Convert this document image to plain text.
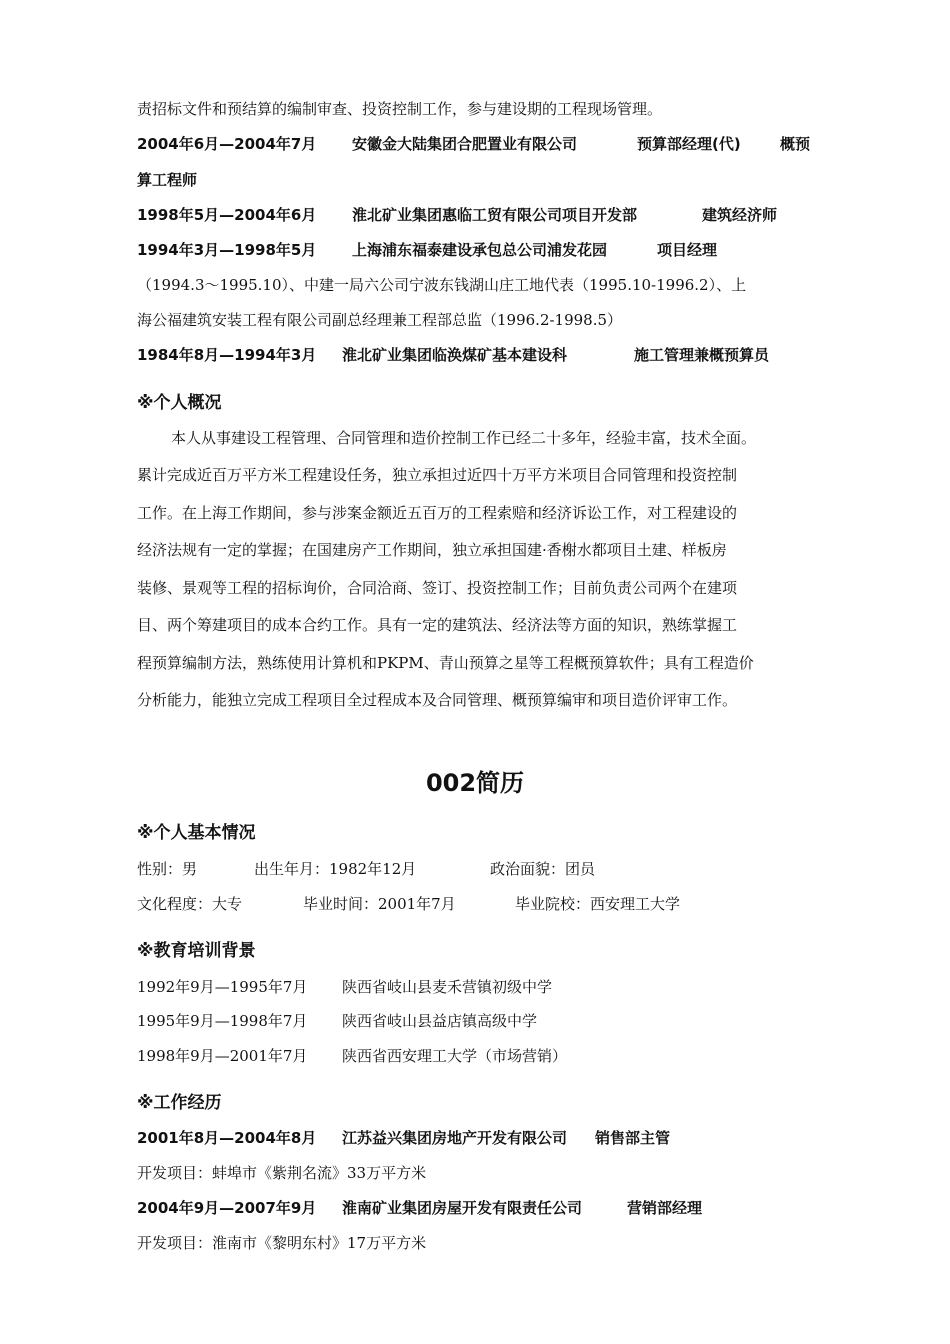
责招标文件和预结算的编制审查、投资控制工作，参与建设期的工程现场管理。
2004年6月—2004年7月 安徽金大陆集团合肥置业有限公司	预算部经理(代)	概预
算工程师
1998年5月—2004年6月 淮北矿业集团惠临工贸有限公司项目开发部	建筑经济师
1994年3月—1998年5月 上海浦东福泰建设承包总公司浦发花园	项目经理
（1994.3～1995.10）、中建一局六公司宁波东钱湖山庄工地代表（1995.10-1996.2）、上
海公福建筑安装工程有限公司副总经理兼工程部总监（1996.2-1998.5）
1984年8月—1994年3月 淮北矿业集团临涣煤矿基本建设科	施工管理兼概预算员
※个人概况
本人从事建设工程管理、合同管理和造价控制工作已经二十多年，经验丰富，技术全面。
累计完成近百万平方米工程建设任务，独立承担过近四十万平方米项目合同管理和投资控制
工作。在上海工作期间，参与涉案金额近五百万的工程索赔和经济诉讼工作，对工程建设的
经济法规有一定的掌握；在国建房产工作期间，独立承担国建·香榭水都项目土建、样板房
装修、景观等工程的招标询价，合同洽商、签订、投资控制工作；目前负责公司两个在建项
目、两个筹建项目的成本合约工作。具有一定的建筑法、经济法等方面的知识，熟练掌握工
程预算编制方法，熟练使用计算机和PKPM、青山预算之星等工程概预算软件；具有工程造价
分析能力，能独立完成工程项目全过程成本及合同管理、概预算编审和项目造价评审工作。
002简历
※个人基本情况
性别：男	出生年月：1982年12月	政治面貌：团员
文化程度：大专	毕业时间：2001年7月	毕业院校：西安理工大学
※教育培训背景
1992年9月—1995年7月 陕西省岐山县麦禾营镇初级中学
1995年9月—1998年7月 陕西省岐山县益店镇高级中学
1998年9月—2001年7月 陕西省西安理工大学（市场营销）
※工作经历
2001年8月—2004年8月 江苏益兴集团房地产开发有限公司 销售部主管
开发项目：蚌埠市《紫荆名流》33万平方米
2004年9月—2007年9月 淮南矿业集团房屋开发有限责任公司	营销部经理
开发项目：淮南市《黎明东村》17万平方米
